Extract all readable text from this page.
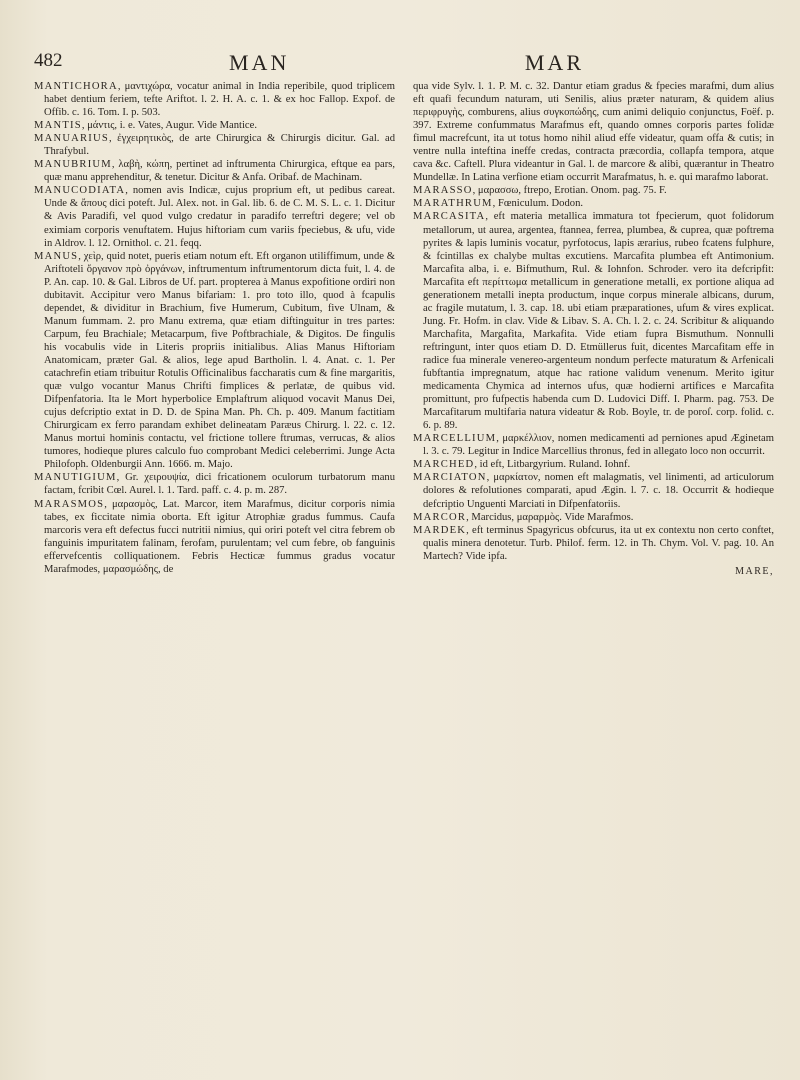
482	MAN	MAR

MANTICHORA, μαντιχώρα, vocatur animal in India reperibile, quod triplicem habet dentium feriem, tefte Ariftot. l. 2. H. A. c. 1. & ex hoc Fallop. Expof. de Offib. c. 16. Tom. I. p. 503.

MANTIS, μάντις, i. e. Vates, Augur. Vide Mantice.

MANUARIUS, ἐγχειρητικὸς, de arte Chirurgica & Chirurgis dicitur. Gal. ad Thrafybul.

MANUBRIUM, λαβὴ, κώπη, pertinet ad inftrumenta Chirurgica, eftque ea pars, quæ manu apprehenditur, & tenetur. Dicitur & Anfa. Oribaf. de Machinam.

MANUCODIATA, nomen avis Indicæ, cujus proprium eft, ut pedibus careat. Unde & ἄπους dici poteft. Jul. Alex. not. in Gal. lib. 6. de C. M. S. L. c. 1. Dicitur & Avis Paradifi, vel quod vulgo credatur in paradifo terreftri degere; vel ob eximiam corporis venuftatem. Hujus hiftoriam cum variis fpeciebus, & ufu, vide in Aldrov. l. 12. Ornithol. c. 21. feqq.

MANUS, χεὶρ, quid notet, pueris etiam notum eft. Eft organon utiliffimum, unde & Ariftoteli ὄργανον πρὸ ὀργάνων, inftrumentum inftrumentorum dicta fuit, l. 4. de P. An. cap. 10. & Gal. Libros de Uf. part. propterea à Manus expofitione ordiri non dubitavit. Accipitur vero Manus bifariam: 1. pro toto illo, quod à fcapulis dependet, & dividitur in Brachium, five Humerum, Cubitum, five Ulnam, & Manum fummam. 2. pro Manu extrema, quæ etiam diftinguitur in tres partes: Carpum, feu Brachiale; Metacarpum, five Poftbrachiale, & Digitos. De fingulis his vocabulis vide in Literis propriis initialibus. Alias Manus Hiftoriam Anatomicam, præter Gal. & alios, lege apud Bartholin. l. 4. Anat. c. 1. Per catachrefin etiam tribuitur Rotulis Officinalibus faccharatis cum & fine margaritis, quæ vulgo vocantur Manus Chrifti fimplices & perlatæ, de quibus vid. Difpenfatoria. Ita le Mort hyperbolice Emplaftrum aliquod vocavit Manus Dei, cujus defcriptio extat in D. D. de Spina Man. Ph. Ch. p. 409. Manum factitiam Chirurgicam ex ferro parandam exhibet delineatam Paræus Chirurg. l. 22. c. 12. Manus mortui hominis contactu, vel frictione tollere ftrumas, verrucas, & alios tumores, hodieque plures calculo fuo comprobant Medici celeberrimi. Junge Acta Philofoph. Oldenburgii Ann. 1666. m. Majo.

MANUTIGIUM, Gr. χειρουψία, dici fricationem oculorum turbatorum manu factam, fcribit Cœl. Aurel. l. 1. Tard. paff. c. 4. p. m. 287.

MARASMOS, μαρασμὸς, Lat. Marcor, item Marafmus, dicitur corporis nimia tabes, ex ficcitate nimia oborta. Eft igitur Atrophiæ gradus fummus. Caufa marcoris vera eft defectus fucci nutritii nimius, qui oriri poteft vel citra febrem ob fanguinis impuritatem falinam, ferofam, purulentam; vel cum febre, ob fanguinis effervefcentis colliquationem. Febris Hecticæ fummus gradus vocatur Marafmodes, μαρασμώδης, de

qua vide Sylv. l. 1. P. M. c. 32. Dantur etiam gradus & fpecies marafmi, dum alius eft quafi fecundum naturam, uti Senilis, alius præter naturam, & quidem alius περιφρυγὴς, comburens, alius συγκοπώδης, cum animi deliquio conjunctus, Foëf. p. 397. Extreme confummatus Marafmus eft, quando omnes corporis partes folidæ fimul macrefcunt, ita ut totus homo nihil aliud effe videatur, quam offa & cutis; in ventre nulla inteftina ineffe credas, contracta præcordia, collapfa tempora, atque cava &c. Caftell. Plura videantur in Gal. l. de marcore & alibi, quærantur in Theatro Mundellæ. In Latina verfione etiam occurrit Marafmatus, h. e. qui marafmo laborat.

MARASSO, μαρασσω, ftrepo, Erotian. Onom. pag. 75. F.

MARATHRUM, Fœniculum. Dodon.

MARCASITA, eft materia metallica immatura tot fpecierum, quot folidorum metallorum, ut aurea, argentea, ftannea, ferrea, plumbea, & cuprea, quæ poftrema pyrites & lapis luminis vocatur, pyrfotocus, lapis ærarius, rubeo fcatens fulphure, & fcintillas ex chalybe multas excutiens. Marcafita plumbea eft Antimonium. Marcafita alba, i. e. Bifmuthum, Rul. & Iohnfon. Schroder. vero ita defcripfit: Marcafita eft περίττωμα metallicum in generatione metalli, ex portione aliqua ad generationem metalli inepta productum, inque corpus minerale albicans, durum, ac fragile mutatum, l. 3. cap. 18. ubi etiam præparationes, ufum & vires explicat. Jung. Fr. Hofm. in clav. Vide & Libav. S. A. Ch. l. 2. c. 24. Scribitur & aliquando Marchafita, Margafita, Markafita. Vide etiam fupra Bismuthum. Nonnulli reftringunt, inter quos etiam D. D. Etmüllerus fuit, dicentes Marcafitam effe in radice fua minerale venereo-argenteum nondum perfecte maturatum & Arfenicali fubftantia impregnatum, atque hac ratione validum venenum. Merito igitur medicamenta Chymica ad internos ufus, quæ hodierni artifices e Marcafita promittunt, pro fufpectis habenda cum D. Ludovici Diff. I. Pharm. pag. 753. De Marcafitarum multifaria natura videatur & Rob. Boyle, tr. de poroſ. corp. folid. c. 6. p. 89.

MARCELLIUM, μαρκέλλιον, nomen medicamenti ad perniones apud Æginetam l. 3. c. 79. Legitur in Indice Marcellius thronus, fed in allegato loco non occurrit.

MARCHED, id eft, Litbargyrium. Ruland. Iohnf.

MARCIATON, μαρκίατον, nomen eft malagmatis, vel linimenti, ad articulorum dolores & refolutiones comparati, apud Ægin. l. 7. c. 18. Occurrit & hodieque defcriptio Unguenti Marciati in Difpenfatoriis.

MARCOR, Marcidus, μαραρμὸς. Vide Marafmos.

MARDEK, eft terminus Spagyricus obfcurus, ita ut ex contextu non certo conftet, qualis minera denotetur. Turb. Philof. ferm. 12. in Th. Chym. Vol. V. pag. 10. An Martech? Vide ipfa.

MARE,
